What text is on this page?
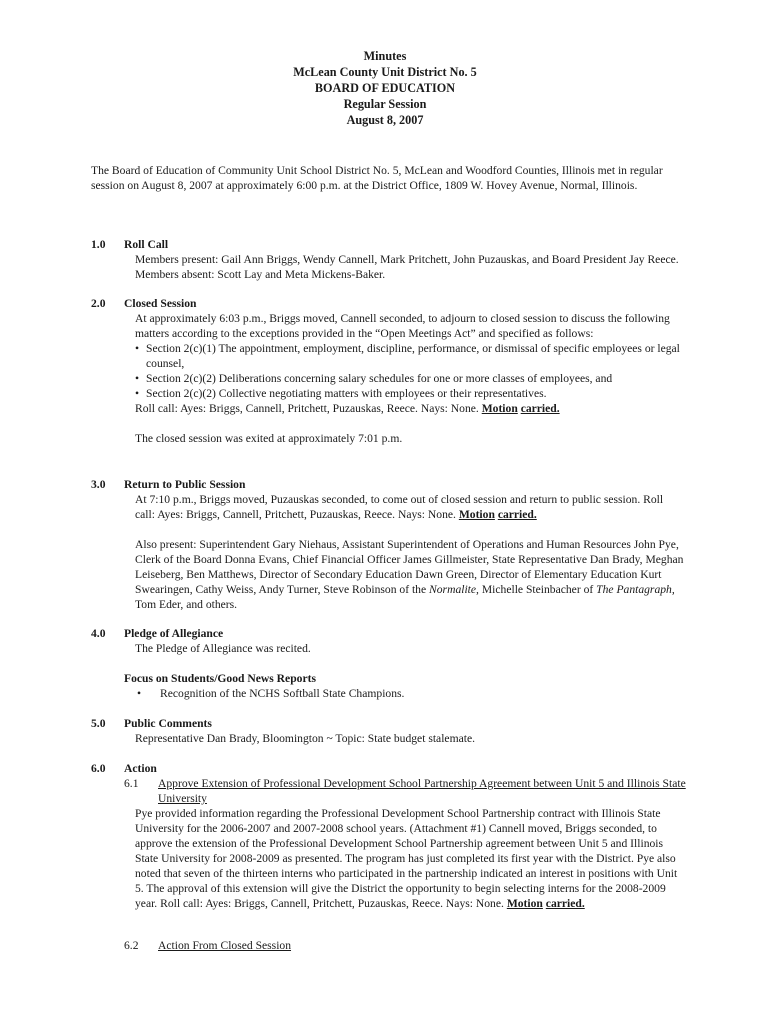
Minutes
McLean County Unit District No. 5
BOARD OF EDUCATION
Regular Session
August 8, 2007
The Board of Education of Community Unit School District No. 5, McLean and Woodford Counties, Illinois met in regular session on August 8, 2007 at approximately 6:00 p.m. at the District Office, 1809 W. Hovey Avenue, Normal, Illinois.
1.0 Roll Call
Members present: Gail Ann Briggs, Wendy Cannell, Mark Pritchett, John Puzauskas, and Board President Jay Reece. Members absent: Scott Lay and Meta Mickens-Baker.
2.0 Closed Session
At approximately 6:03 p.m., Briggs moved, Cannell seconded, to adjourn to closed session to discuss the following matters according to the exceptions provided in the “Open Meetings Act” and specified as follows:
• Section 2(c)(1) The appointment, employment, discipline, performance, or dismissal of specific employees or legal counsel,
• Section 2(c)(2) Deliberations concerning salary schedules for one or more classes of employees, and
• Section 2(c)(2) Collective negotiating matters with employees or their representatives.
Roll call: Ayes: Briggs, Cannell, Pritchett, Puzauskas, Reece. Nays: None. Motion carried.
The closed session was exited at approximately 7:01 p.m.
3.0 Return to Public Session
At 7:10 p.m., Briggs moved, Puzauskas seconded, to come out of closed session and return to public session. Roll call: Ayes: Briggs, Cannell, Pritchett, Puzauskas, Reece. Nays: None. Motion carried.
Also present: Superintendent Gary Niehaus, Assistant Superintendent of Operations and Human Resources John Pye, Clerk of the Board Donna Evans, Chief Financial Officer James Gillmeister, State Representative Dan Brady, Meghan Leiseberg, Ben Matthews, Director of Secondary Education Dawn Green, Director of Elementary Education Kurt Swearingen, Cathy Weiss, Andy Turner, Steve Robinson of the Normalite, Michelle Steinbacher of The Pantagraph, Tom Eder, and others.
4.0 Pledge of Allegiance
The Pledge of Allegiance was recited.
Focus on Students/Good News Reports
• Recognition of the NCHS Softball State Champions.
5.0 Public Comments
Representative Dan Brady, Bloomington ~ Topic: State budget stalemate.
6.0 Action
6.1 Approve Extension of Professional Development School Partnership Agreement between Unit 5 and Illinois State University
Pye provided information regarding the Professional Development School Partnership contract with Illinois State University for the 2006-2007 and 2007-2008 school years. (Attachment #1) Cannell moved, Briggs seconded, to approve the extension of the Professional Development School Partnership agreement between Unit 5 and Illinois State University for 2008-2009 as presented. The program has just completed its first year with the District. Pye also noted that seven of the thirteen interns who participated in the partnership indicated an interest in positions with Unit 5. The approval of this extension will give the District the opportunity to begin selecting interns for the 2008-2009 year. Roll call: Ayes: Briggs, Cannell, Pritchett, Puzauskas, Reece. Nays: None. Motion carried.
6.2 Action From Closed Session
